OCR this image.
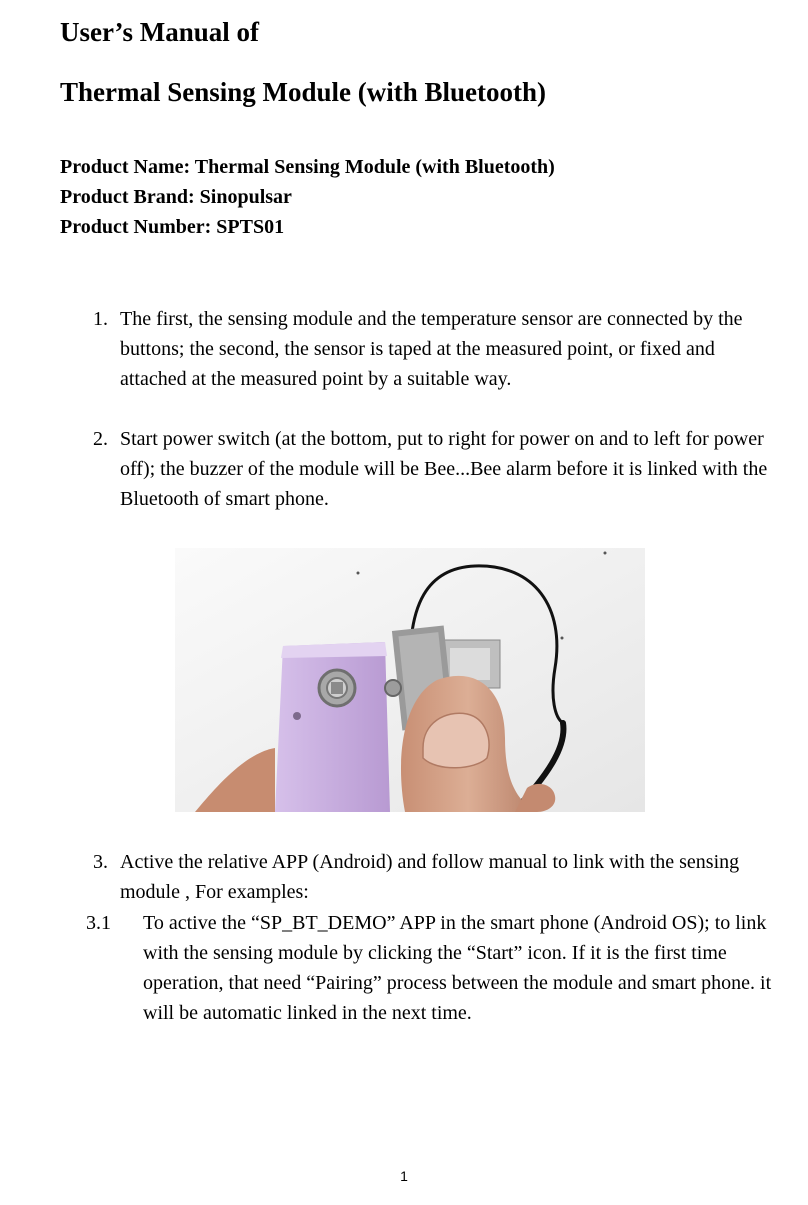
User’s Manual of
Thermal Sensing Module (with Bluetooth)

Product Name: Thermal Sensing Module (with Bluetooth)

Product Brand: Sinopulsar

Product Number: SPTS01

1. The first, the sensing module and the temperature sensor are connected by the buttons; the second, the sensor is taped at the measured point, or fixed and attached at the measured point by a suitable way.
2. Start power switch (at the bottom, put to right for power on and to left for power off); the buzzer of the module will be Bee...Bee alarm before it is linked with the Bluetooth of smart phone.
3. Active the relative APP (Android) and follow manual to link with the sensing module , For examples:
3.1	To active the “SP_BT_DEMO” APP in the smart phone (Android OS); to link with the sensing module by clicking the “Start” icon. If it is the first time operation, that need “Pairing” process between the module and smart phone. it will be automatic linked in the next time.
1
